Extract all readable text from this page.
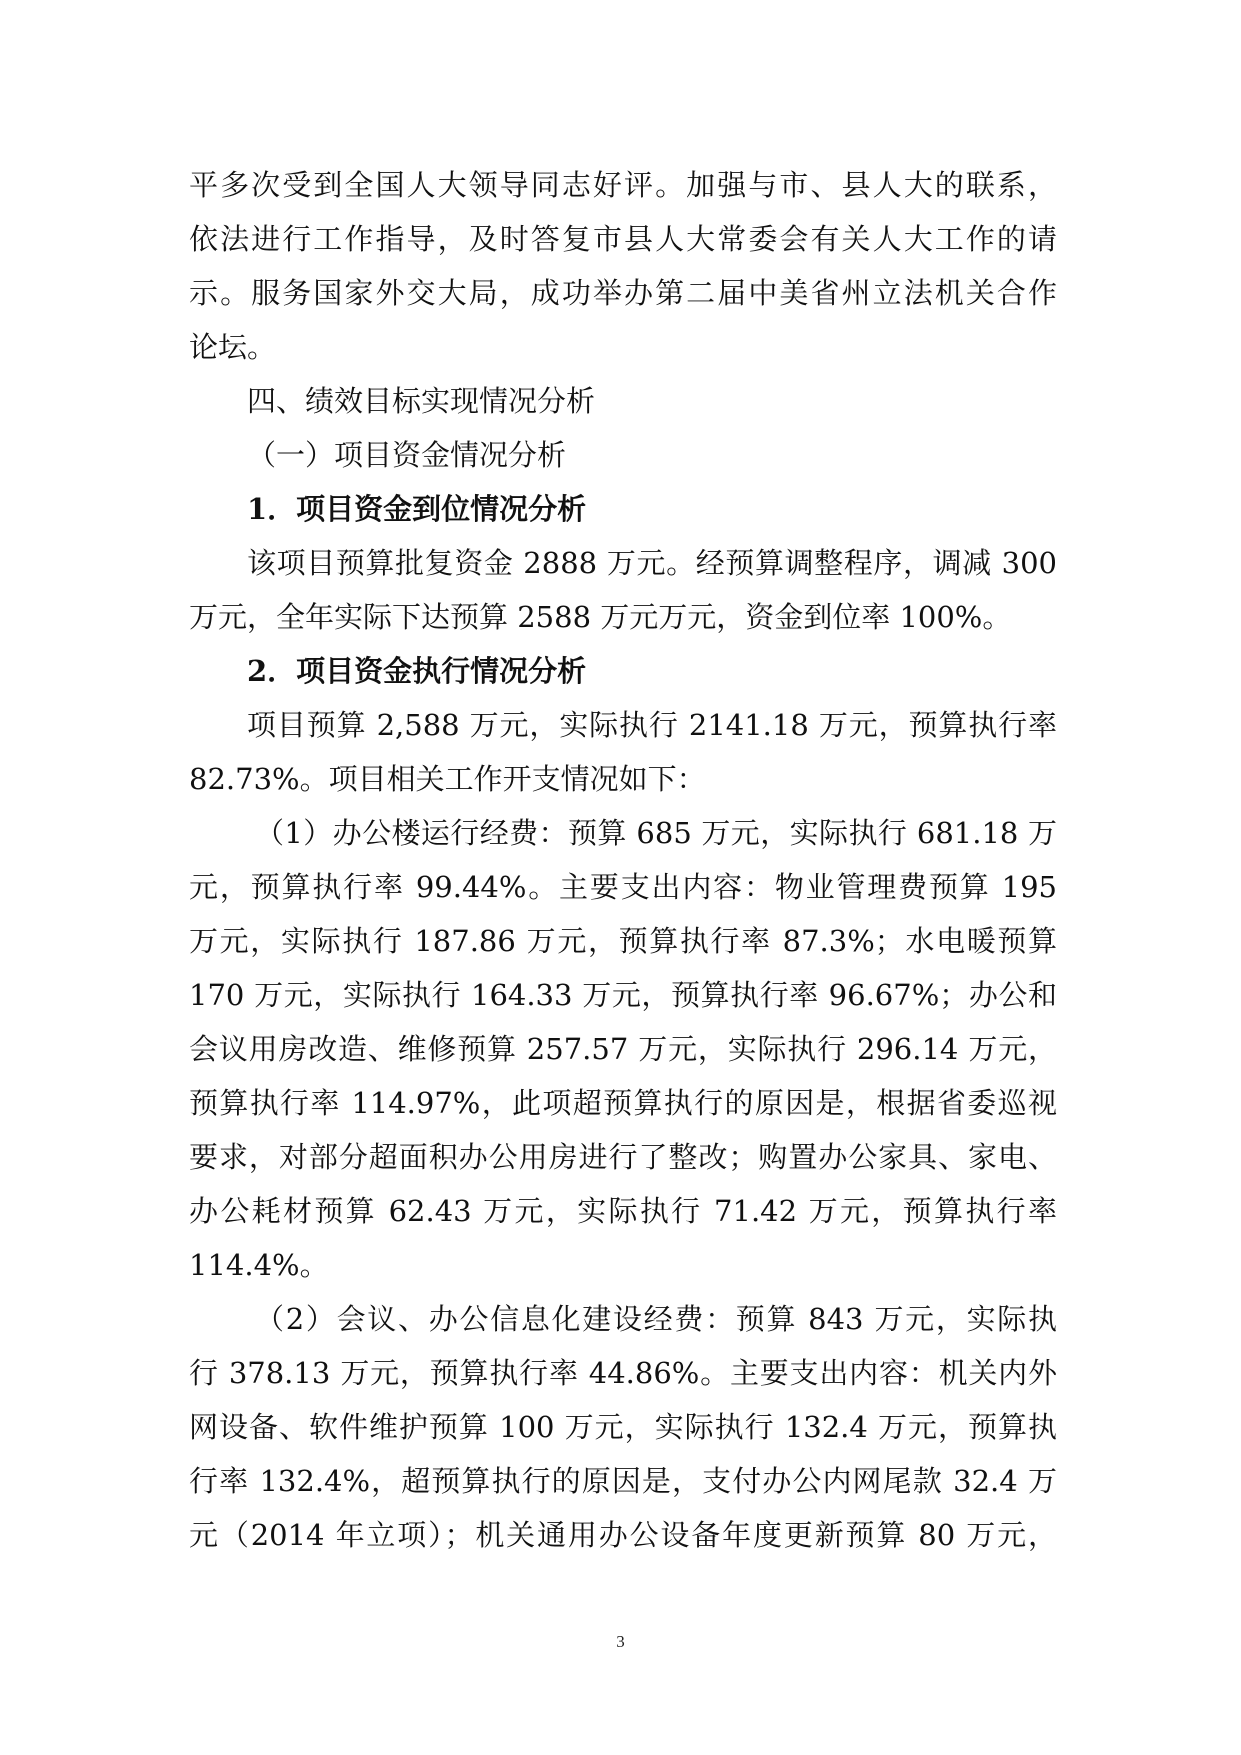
平多次受到全国人大领导同志好评。加强与市、县人大的联系，
依法进行工作指导，及时答复市县人大常委会有关人大工作的请
示。服务国家外交大局，成功举办第二届中美省州立法机关合作
论坛。
四、绩效目标实现情况分析
（一）项目资金情况分析
1．项目资金到位情况分析
该项目预算批复资金 2888 万元。经预算调整程序，调减 300
万元，全年实际下达预算 2588 万元万元，资金到位率 100%。
2．项目资金执行情况分析
项目预算 2,588 万元，实际执行 2141.18 万元，预算执行率
82.73%。项目相关工作开支情况如下：
（1）办公楼运行经费：预算 685 万元，实际执行 681.18 万
元，预算执行率 99.44%。主要支出内容：物业管理费预算 195
万元，实际执行 187.86 万元，预算执行率 87.3%；水电暖预算
170 万元，实际执行 164.33 万元，预算执行率 96.67%；办公和
会议用房改造、维修预算 257.57 万元，实际执行 296.14 万元，
预算执行率 114.97%，此项超预算执行的原因是，根据省委巡视
要求，对部分超面积办公用房进行了整改；购置办公家具、家电、
办公耗材预算 62.43 万元，实际执行 71.42 万元，预算执行率
114.4%。
（2）会议、办公信息化建设经费：预算 843 万元，实际执
行 378.13 万元，预算执行率 44.86%。主要支出内容：机关内外
网设备、软件维护预算 100 万元，实际执行 132.4 万元，预算执
行率 132.4%，超预算执行的原因是，支付办公内网尾款 32.4 万
元（2014 年立项）；机关通用办公设备年度更新预算 80 万元，
3
